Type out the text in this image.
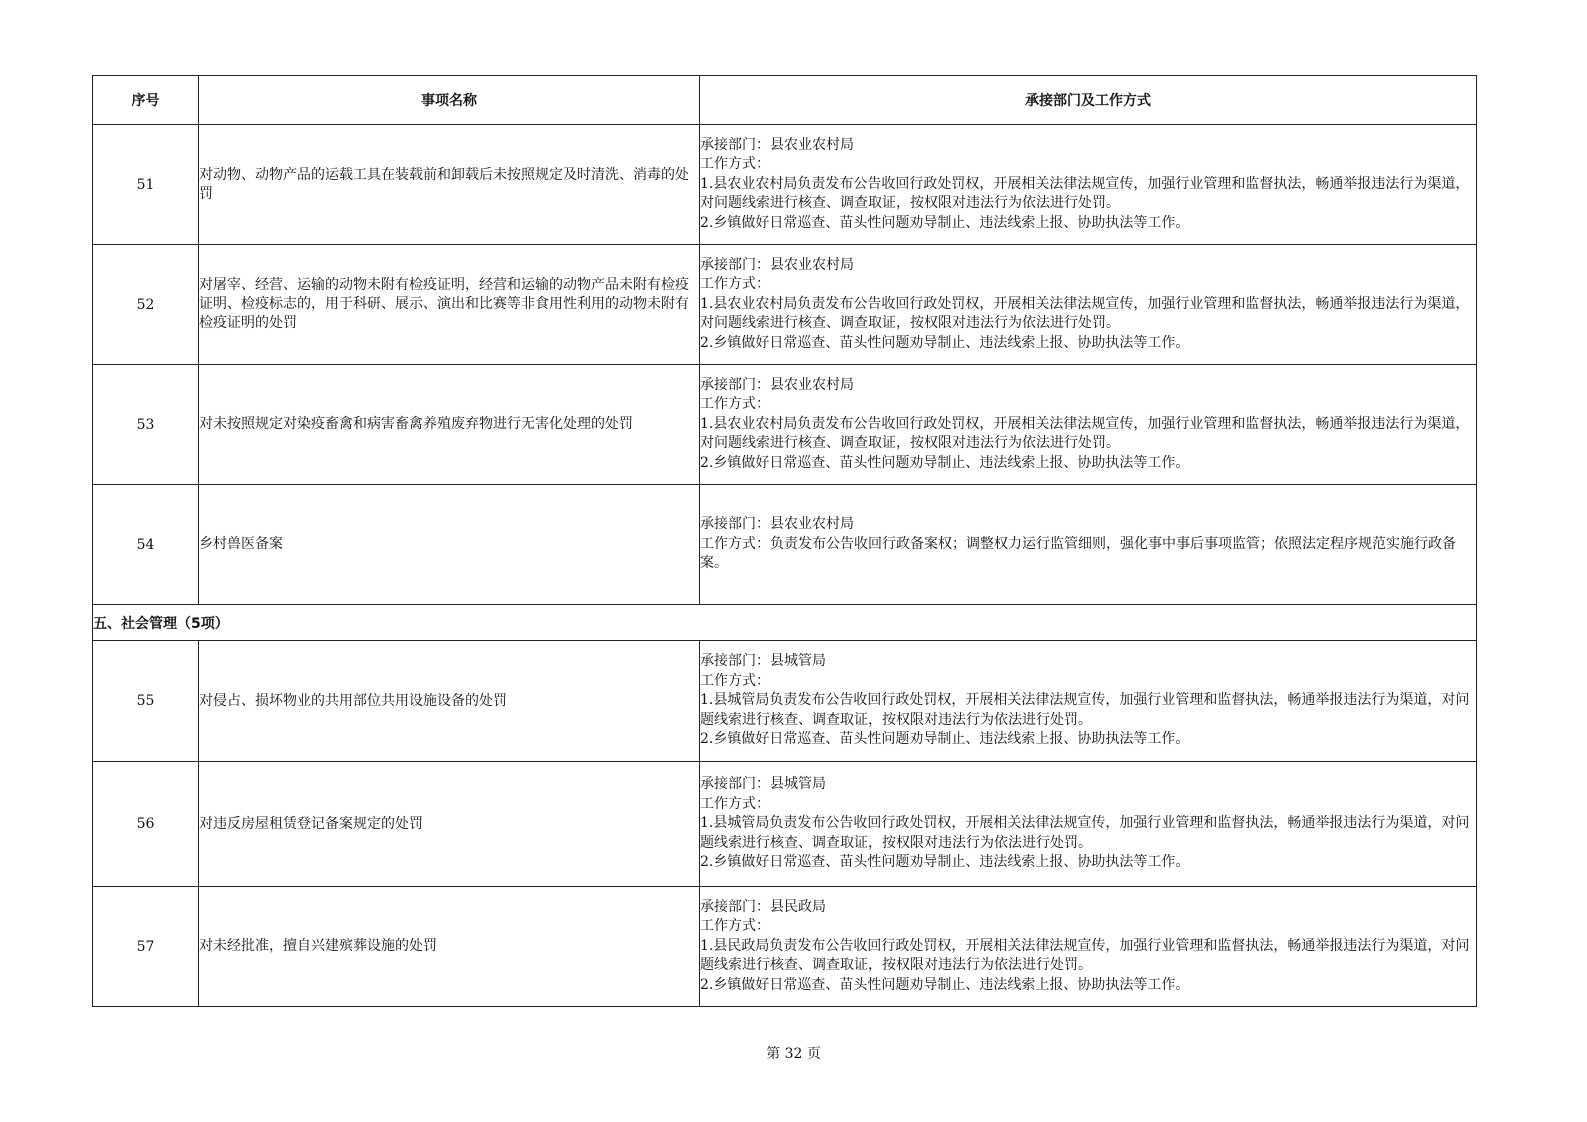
序号	事项名称	承接部门及工作方式
51	对动物、动物产品的运载工具在装载前和卸载后未按照规定及时清洗、消毒的处罚	承接部门：县农业农村局
工作方式：
1.县农业农村局负责发布公告收回行政处罚权，开展相关法律法规宣传，加强行业管理和监督执法，畅通举报违法行为渠道，对问题线索进行核查、调查取证，按权限对违法行为依法进行处罚。
2.乡镇做好日常巡查、苗头性问题劝导制止、违法线索上报、协助执法等工作。

52	对屠宰、经营、运输的动物未附有检疫证明，经营和运输的动物产品未附有检疫证明、检疫标志的，用于科研、展示、演出和比赛等非食用性利用的动物未附有检疫证明的处罚	承接部门：县农业农村局
工作方式：
1.县农业农村局负责发布公告收回行政处罚权，开展相关法律法规宣传，加强行业管理和监督执法，畅通举报违法行为渠道，对问题线索进行核查、调查取证，按权限对违法行为依法进行处罚。
2.乡镇做好日常巡查、苗头性问题劝导制止、违法线索上报、协助执法等工作。

53	对未按照规定对染疫畜禽和病害畜禽养殖废弃物进行无害化处理的处罚	承接部门：县农业农村局
工作方式：
1.县农业农村局负责发布公告收回行政处罚权，开展相关法律法规宣传，加强行业管理和监督执法，畅通举报违法行为渠道，对问题线索进行核查、调查取证，按权限对违法行为依法进行处罚。
2.乡镇做好日常巡查、苗头性问题劝导制止、违法线索上报、协助执法等工作。

54	乡村兽医备案	承接部门：县农业农村局
工作方式：负责发布公告收回行政备案权；调整权力运行监管细则，强化事中事后事项监管；依照法定程序规范实施行政备案。

五、社会管理（5项）		
55	对侵占、损坏物业的共用部位共用设施设备的处罚	承接部门：县城管局
工作方式：
1.县城管局负责发布公告收回行政处罚权，开展相关法律法规宣传，加强行业管理和监督执法，畅通举报违法行为渠道，对问题线索进行核查、调查取证，按权限对违法行为依法进行处罚。
2.乡镇做好日常巡查、苗头性问题劝导制止、违法线索上报、协助执法等工作。

56	对违反房屋租赁登记备案规定的处罚	承接部门：县城管局
工作方式：
1.县城管局负责发布公告收回行政处罚权，开展相关法律法规宣传，加强行业管理和监督执法，畅通举报违法行为渠道，对问题线索进行核查、调查取证，按权限对违法行为依法进行处罚。
2.乡镇做好日常巡查、苗头性问题劝导制止、违法线索上报、协助执法等工作。

57	对未经批准，擅自兴建殡葬设施的处罚	承接部门：县民政局
工作方式：
1.县民政局负责发布公告收回行政处罚权，开展相关法律法规宣传，加强行业管理和监督执法，畅通举报违法行为渠道，对问题线索进行核查、调查取证，按权限对违法行为依法进行处罚。
2.乡镇做好日常巡查、苗头性问题劝导制止、违法线索上报、协助执法等工作。
第 32 页
